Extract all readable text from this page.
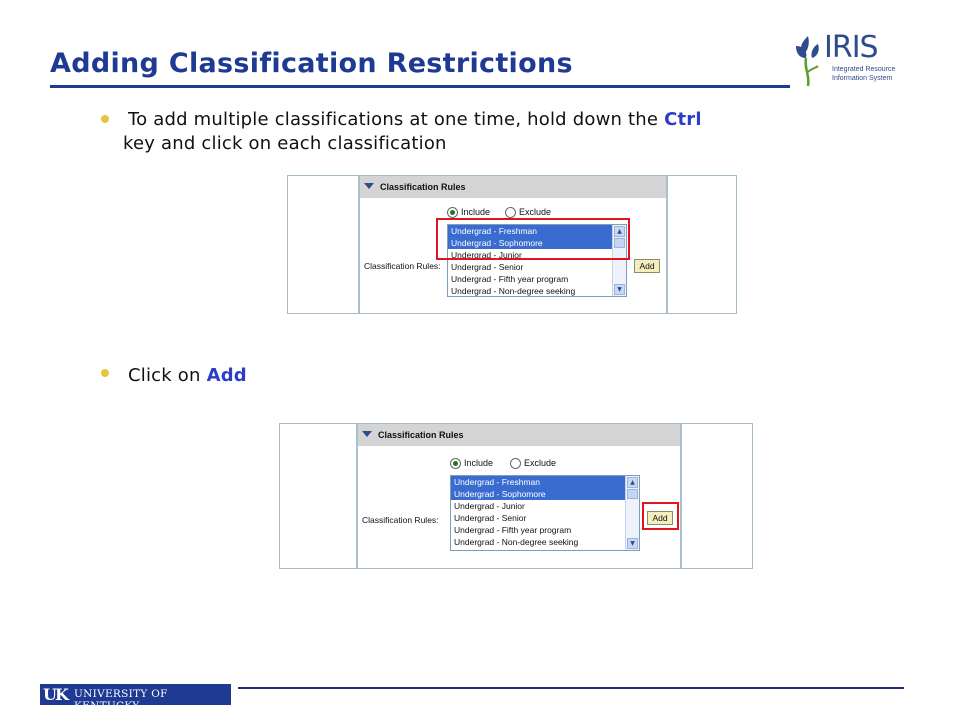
Adding Classification Restrictions	IRIS
Integrated Resource
Information System
To add multiple classifications at one time, hold down the Ctrl
key and click on each classification
Classification Rules
Include	Exclude
Classification Rules:
Undergrad - Freshman
Undergrad - Sophomore
Undergrad - Junior
Undergrad - Senior
Undergrad - Fifth year program
Undergrad - Non-degree seeking
▲
▼
Add
Click on Add
Classification Rules
Include	Exclude
Classification Rules:
Undergrad - Freshman
Undergrad - Sophomore
Undergrad - Junior
Undergrad - Senior
Undergrad - Fifth year program
Undergrad - Non-degree seeking
▲
▼
Add
UK UNIVERSITY OF KENTUCKY
